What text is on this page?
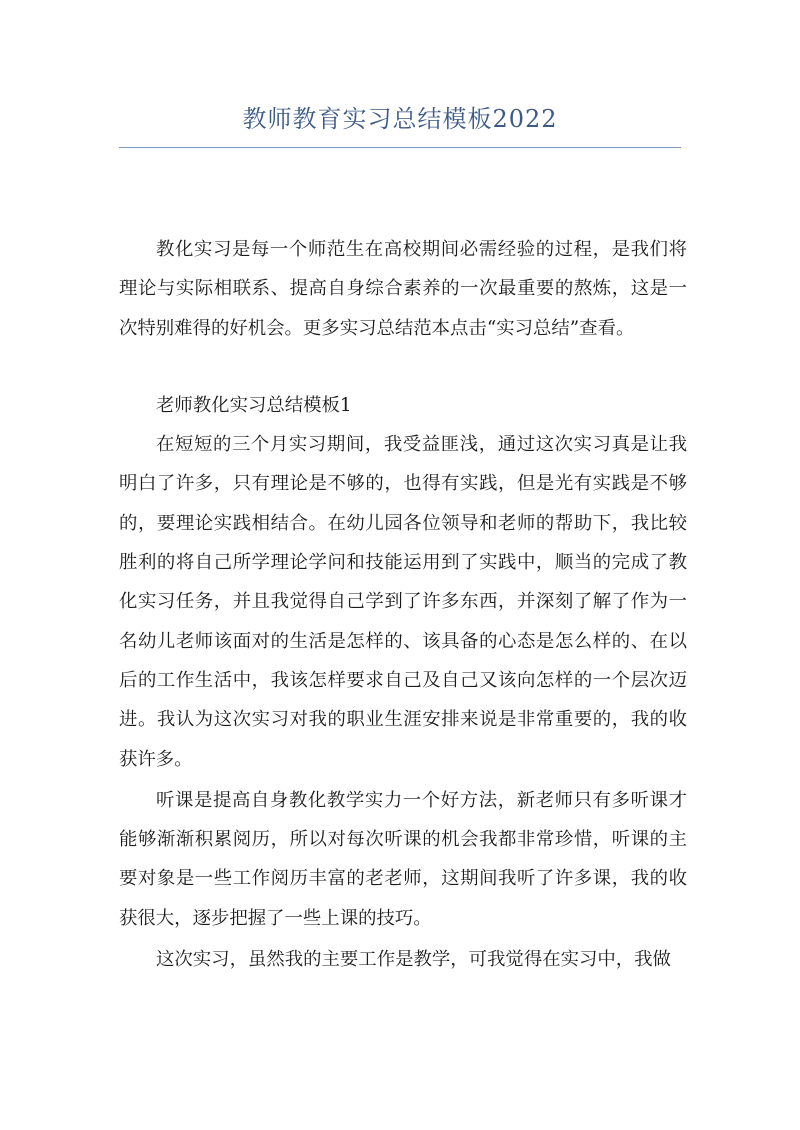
教师教育实习总结模板2022

教化实习是每一个师范生在高校期间必需经验的过程，是我们将理论与实际相联系、提高自身综合素养的一次最重要的熬炼，这是一次特别难得的好机会。更多实习总结范本点击“实习总结”查看。

老师教化实习总结模板1

在短短的三个月实习期间，我受益匪浅，通过这次实习真是让我明白了许多，只有理论是不够的，也得有实践，但是光有实践是不够的，要理论实践相结合。在幼儿园各位领导和老师的帮助下，我比较胜利的将自己所学理论学问和技能运用到了实践中，顺当的完成了教化实习任务，并且我觉得自己学到了许多东西，并深刻了解了作为一名幼儿老师该面对的生活是怎样的、该具备的心态是怎么样的、在以后的工作生活中，我该怎样要求自己及自己又该向怎样的一个层次迈进。我认为这次实习对我的职业生涯安排来说是非常重要的，我的收获许多。

听课是提高自身教化教学实力一个好方法，新老师只有多听课才能够渐渐积累阅历，所以对每次听课的机会我都非常珍惜，听课的主要对象是一些工作阅历丰富的老老师，这期间我听了许多课，我的收获很大，逐步把握了一些上课的技巧。

这次实习，虽然我的主要工作是教学，可我觉得在实习中，我做
